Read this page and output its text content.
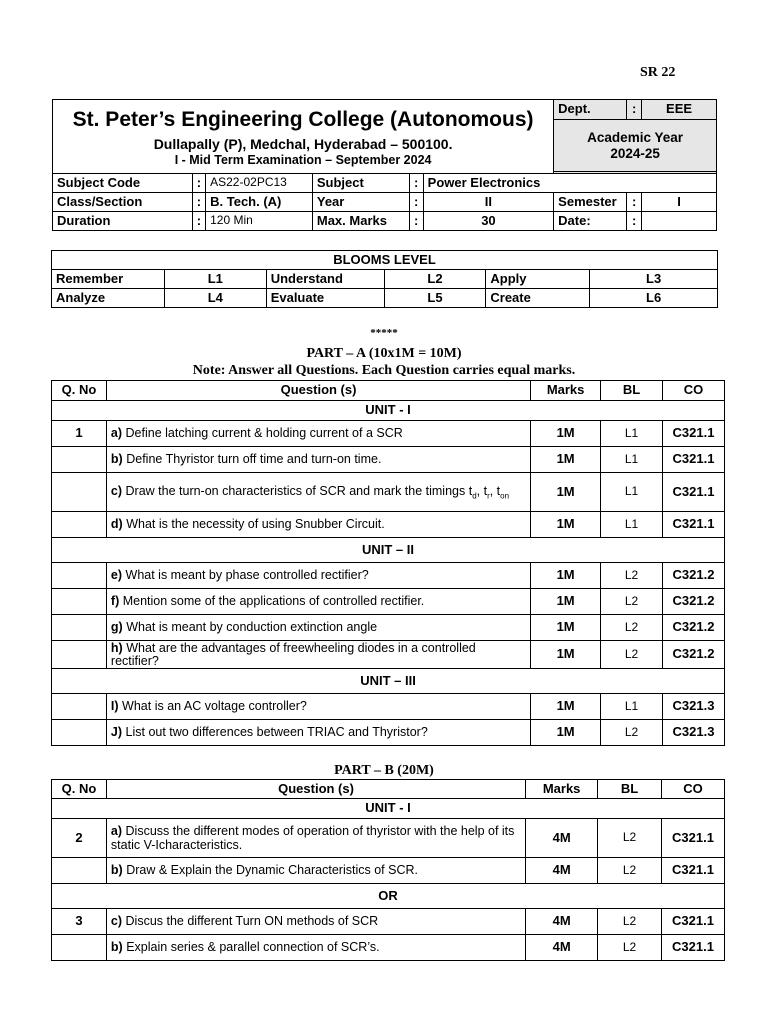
SR 22
St. Peter’s Engineering College (Autonomous)
Dullapally (P), Medchal, Hyderabad – 500100.
I - Mid Term Examination – September 2024						Dept.	:	EEE

						Academic Year
2024-25		

Subject Code	:	AS22-02PC13	Subject	:	Power Electronics			
Class/Section	:	B. Tech. (A)	Year	:	II	Semester	:	I
Duration	:	120 Min	Max. Marks	:	30	Date:	:	
BLOOMS LEVEL					
Remember	L1	Understand	L2	Apply	L3
Analyze	L4	Evaluate	L5	Create	L6
*****
PART – A (10x1M = 10M)
Note: Answer all Questions. Each Question carries equal marks.
Q. No	Question (s)	Marks	BL	CO
UNIT - I				
1	a) Define latching current & holding current of a SCR	1M	L1	C321.1
	b) Define Thyristor turn off time and turn-on time.	1M	L1	C321.1
	c) Draw the turn-on characteristics of SCR and mark the timings $t_d$, $t_r$, $t_{on}$	1M	L1	C321.1
	d) What is the necessity of using Snubber Circuit.	1M	L1	C321.1
UNIT – II				
	e) What is meant by phase controlled rectifier?	1M	L2	C321.2
	f) Mention some of the applications of controlled rectifier.	1M	L2	C321.2
	g) What is meant by conduction extinction angle	1M	L2	C321.2
	h) What are the advantages of freewheeling diodes in a controlled rectifier?	1M	L2	C321.2
UNIT – III				
	I) What is an AC voltage controller?	1M	L1	C321.3
	J) List out two differences between TRIAC and Thyristor?	1M	L2	C321.3
PART – B (20M)
Q. No	Question (s)	Marks	BL	CO
UNIT - I				
2	a) Discuss the different modes of operation of thyristor with the help of its static V-Icharacteristics.	4M	L2	C321.1
	b) Draw & Explain the Dynamic Characteristics of SCR.	4M	L2	C321.1
OR				
3	c) Discus the different Turn ON methods of SCR	4M	L2	C321.1
	b) Explain series & parallel connection of SCR’s.	4M	L2	C321.1
